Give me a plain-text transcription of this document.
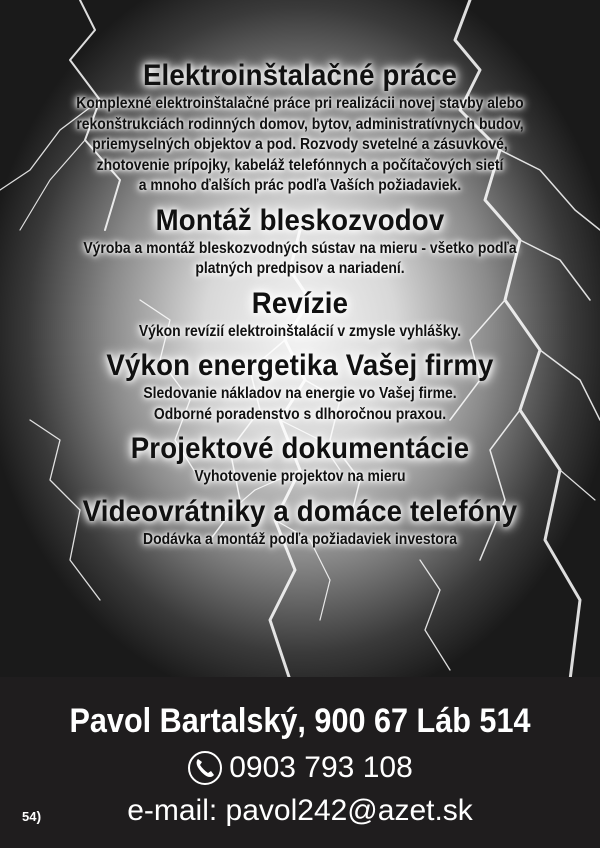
Elektroinštalačné práce
Komplexné elektroinštalačné práce pri realizácii novej stavby alebo
rekonštrukciách rodinných domov, bytov, administratívnych budov,
priemyselných objektov a pod. Rozvody svetelné a zásuvkové,
zhotovenie prípojky, kabeláž telefónnych a počítačových sietí
a mnoho ďalších prác podľa Vaších požiadaviek.
Montáž bleskozvodov
Výroba a montáž bleskozvodných sústav na mieru - všetko podľa
platných predpisov a nariadení.
Revízie
Výkon revízií elektroinštalácií v zmysle vyhlášky.
Výkon energetika Vašej firmy
Sledovanie nákladov na energie vo Vašej firme.
Odborné poradenstvo s dlhoročnou praxou.
Projektové dokumentácie
Vyhotovenie projektov na mieru
Videovrátniky a domáce telefóny
Dodávka a montáž podľa požiadaviek investora
Pavol Bartalský, 900 67 Láb 514
0903 793 108
e-mail: pavol242@azet.sk
54)
